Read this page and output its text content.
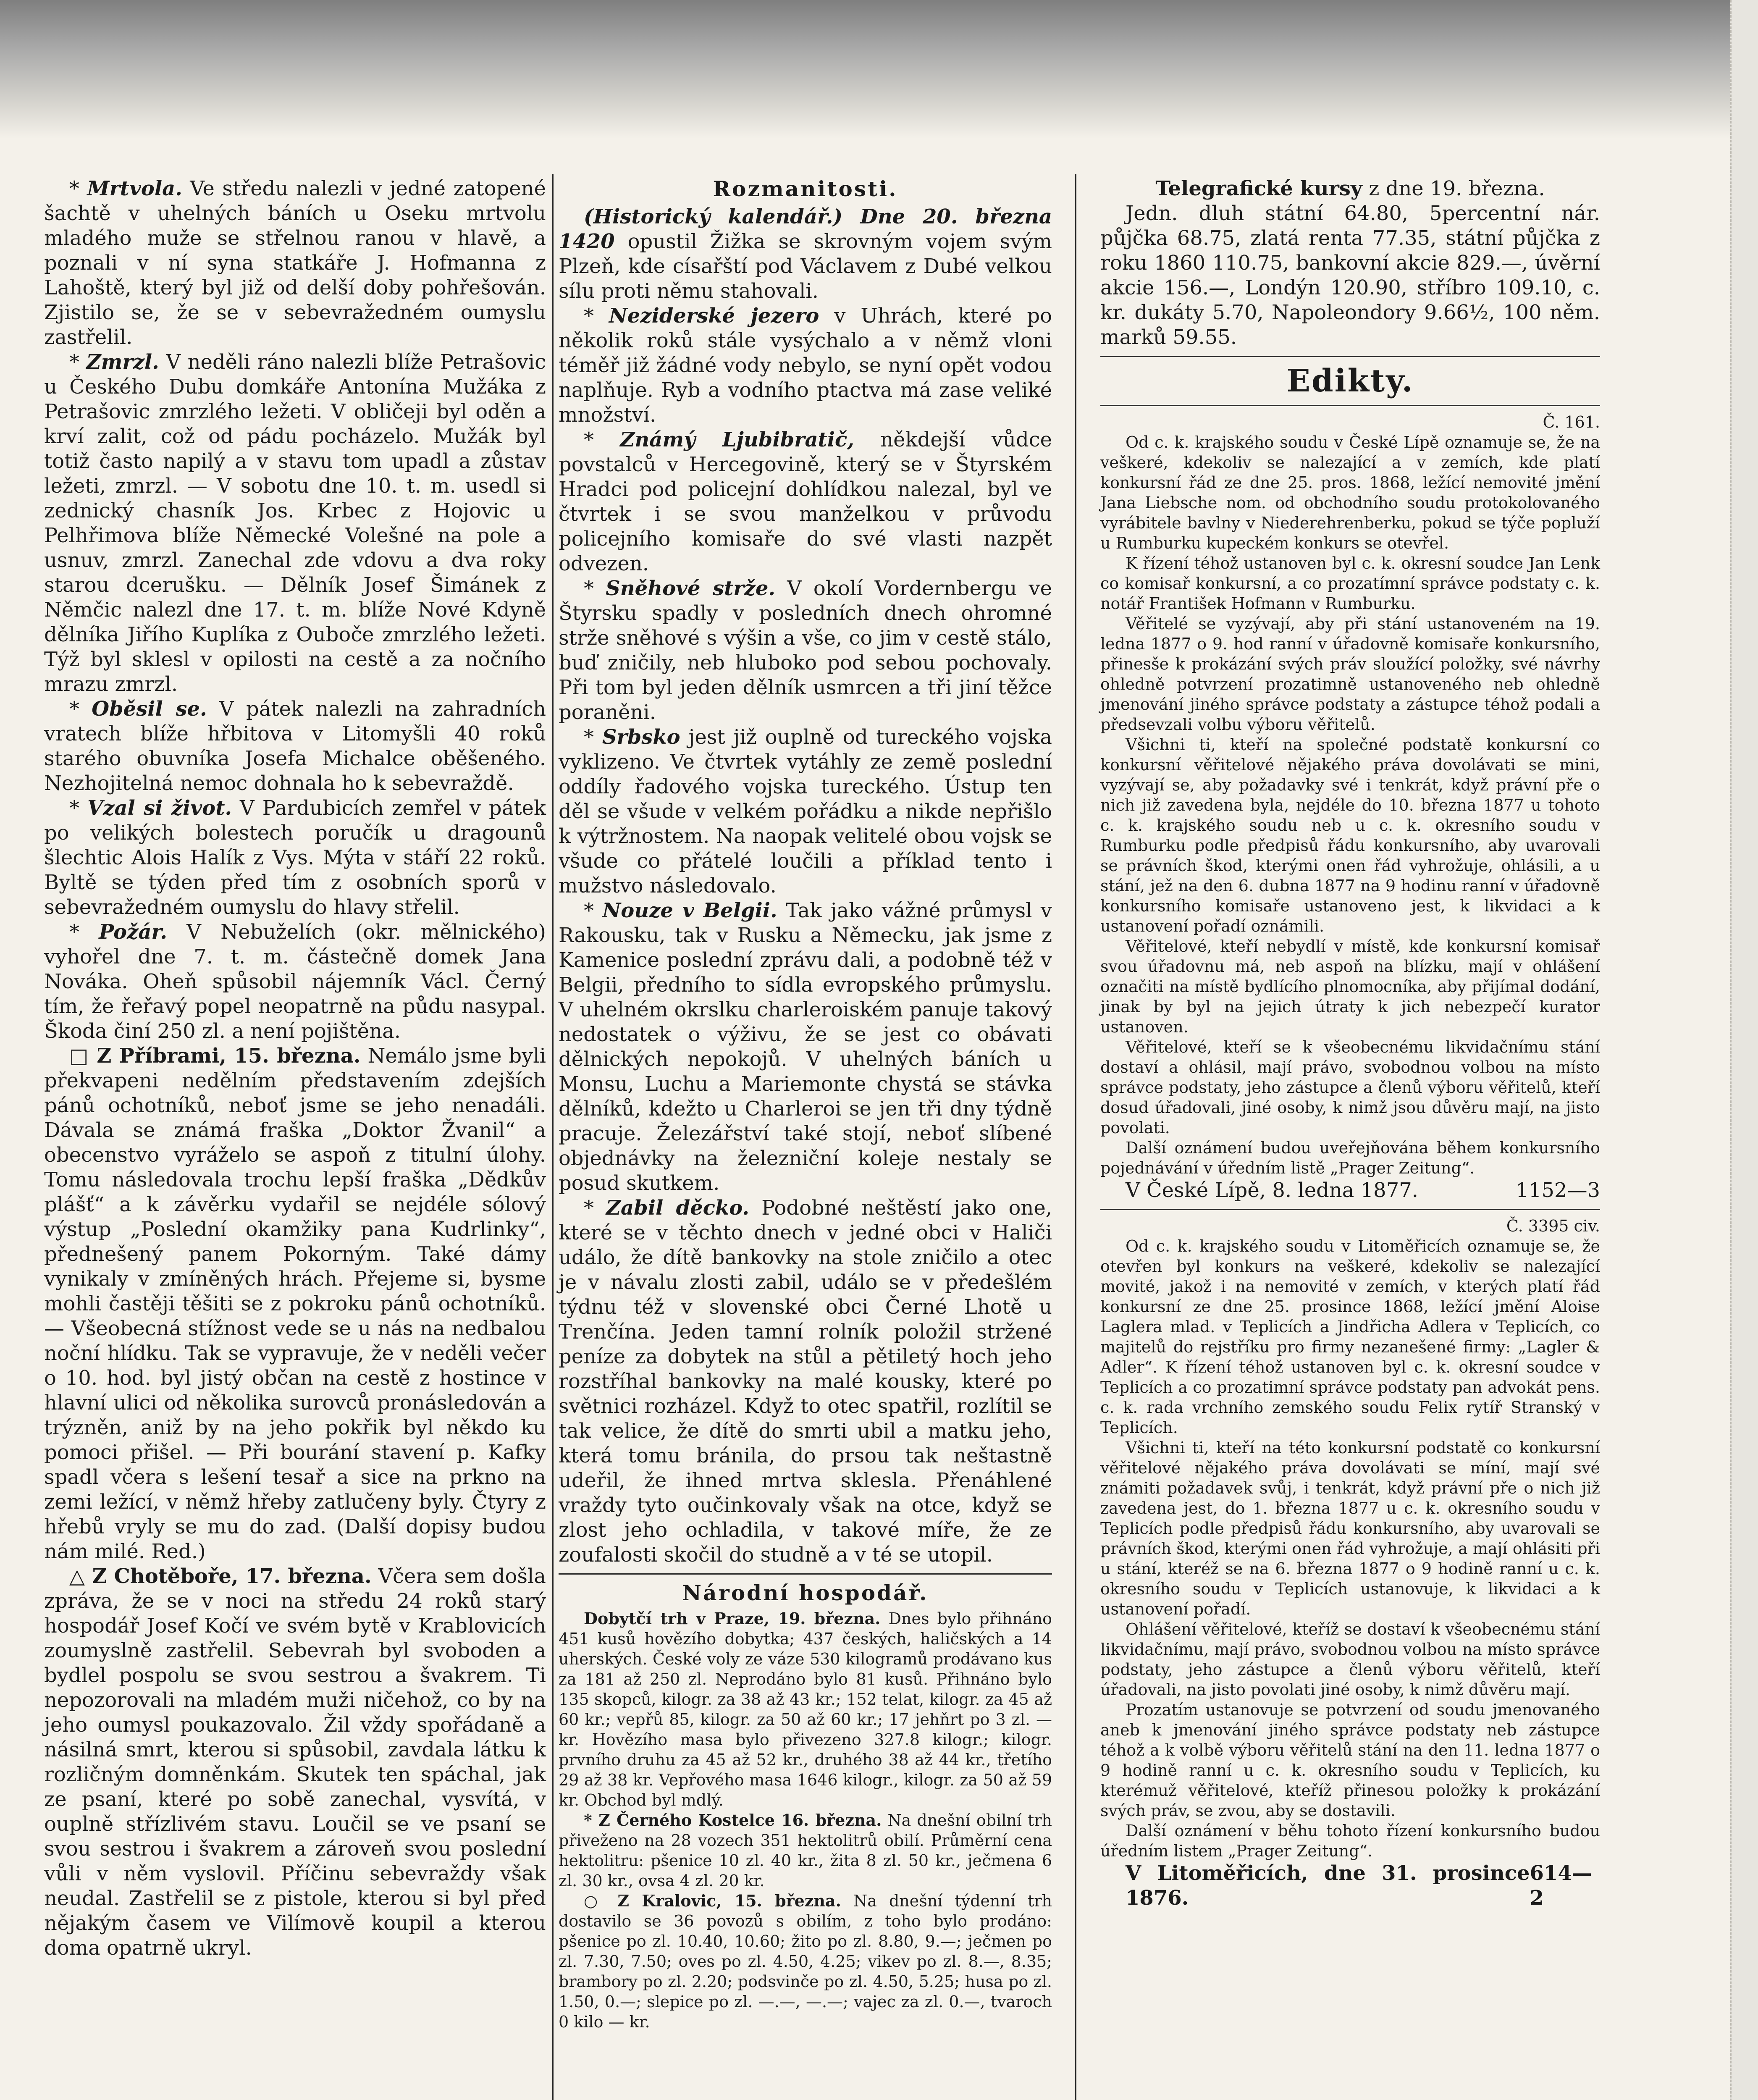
* Mrtvola. Ve středu nalezli v jedné zatopené šachtě v uhelných báních u Oseku mrtvolu mladého muže se střelnou ranou v hlavě, a poznali v ní syna statkáře J. Hofmanna z Lahoště, který byl již od delší doby pohřešován. Zjistilo se, že se v sebevražedném oumyslu zastřelil.

* Zmrzl. V neděli ráno nalezli blíže Petrašovic u Českého Dubu domkáře Antonína Mužáka z Petrašovic zmrzlého ležeti. V obličeji byl oděn a krví zalit, což od pádu pocházelo. Mužák byl totiž často napilý a v stavu tom upadl a zůstav ležeti, zmrzl. — V sobotu dne 10. t. m. usedl si zednický chasník Jos. Krbec z Hojovic u Pelhřimova blíže Německé Volešné na pole a usnuv, zmrzl. Zanechal zde vdovu a dva roky starou dcerušku. — Dělník Josef Šimánek z Němčic nalezl dne 17. t. m. blíže Nové Kdyně dělníka Jiřího Kuplíka z Ouboče zmrzlého ležeti. Týž byl sklesl v opilosti na cestě a za nočního mrazu zmrzl.

* Oběsil se. V pátek nalezli na zahradních vratech blíže hřbitova v Litomyšli 40 roků starého obuvníka Josefa Michalce oběšeného. Nezhojitelná nemoc dohnala ho k sebevraždě.

* Vzal si život. V Pardubicích zemřel v pátek po velikých bolestech poručík u dragounů šlechtic Alois Halík z Vys. Mýta v stáří 22 roků. Byltě se týden před tím z osobních sporů v sebevražedném oumyslu do hlavy střelil.

* Požár. V Nebuželích (okr. mělnického) vyhořel dne 7. t. m. částečně domek Jana Nováka. Oheň spůsobil nájemník Václ. Černý tím, že řeřavý popel neopatrně na půdu nasypal. Škoda činí 250 zl. a není pojištěna.

□ Z Příbrami, 15. března. Nemálo jsme byli překvapeni nedělním představením zdejších pánů ochotníků, neboť jsme se jeho nenadáli. Dávala se známá fraška „Doktor Žvanil“ a obecenstvo vyráželo se aspoň z titulní úlohy. Tomu následovala trochu lepší fraška „Dědkův plášť“ a k závěrku vydařil se nejdéle sólový výstup „Poslední okamžiky pana Kudrlinky“, přednešený panem Pokorným. Také dámy vynikaly v zmíněných hrách. Přejeme si, bysme mohli častěji těšiti se z pokroku pánů ochotníků. — Všeobecná stížnost vede se u nás na nedbalou noční hlídku. Tak se vypravuje, že v neděli večer o 10. hod. byl jistý občan na cestě z hostince v hlavní ulici od několika surovců pronásledován a trýzněn, aniž by na jeho pokřik byl někdo ku pomoci přišel. — Při bourání stavení p. Kafky spadl včera s lešení tesař a sice na prkno na zemi ležící, v němž hřeby zatlučeny byly. Čtyry z hřebů vryly se mu do zad. (Další dopisy budou nám milé. Red.)

△ Z Chotěboře, 17. března. Včera sem došla zpráva, že se v noci na středu 24 roků starý hospodář Josef Kočí ve svém bytě v Krablovicích zoumyslně zastřelil. Sebevrah byl svoboden a bydlel pospolu se svou sestrou a švakrem. Ti nepozorovali na mladém muži ničehož, co by na jeho oumysl poukazovalo. Žil vždy spořádaně a násilná smrt, kterou si spůsobil, zavdala látku k rozličným domněnkám. Skutek ten spáchal, jak ze psaní, které po sobě zanechal, vysvítá, v ouplně střízlivém stavu. Loučil se ve psaní se svou sestrou i švakrem a zároveň svou poslední vůli v něm vyslovil. Příčinu sebevraždy však neudal. Zastřelil se z pistole, kterou si byl před nějakým časem ve Vilímově koupil a kterou doma opatrně ukryl.

Rozmanitosti.

(Historický kalendář.) Dne 20. března 1420 opustil Žižka se skrovným vojem svým Plzeň, kde císařští pod Václavem z Dubé velkou sílu proti němu stahovali.

* Neziderské jezero v Uhrách, které po několik roků stále vysýchalo a v němž vloni téměř již žádné vody nebylo, se nyní opět vodou naplňuje. Ryb a vodního ptactva má zase veliké množství.

* Známý Ljubibratič, někdejší vůdce povstalců v Hercegovině, který se v Štyrském Hradci pod policejní dohlídkou nalezal, byl ve čtvrtek i se svou manželkou v průvodu policejního komisaře do své vlasti nazpět odvezen.

* Sněhové strže. V okolí Vordernbergu ve Štyrsku spadly v posledních dnech ohromné strže sněhové s výšin a vše, co jim v cestě stálo, buď zničily, neb hluboko pod sebou pochovaly. Při tom byl jeden dělník usmrcen a tři jiní těžce poraněni.

* Srbsko jest již ouplně od tureckého vojska vyklizeno. Ve čtvrtek vytáhly ze země poslední oddíly řadového vojska tureckého. Ústup ten děl se všude v velkém pořádku a nikde nepřišlo k výtržnostem. Na naopak velitelé obou vojsk se všude co přátelé loučili a příklad tento i mužstvo následovalo.

* Nouze v Belgii. Tak jako vážné průmysl v Rakousku, tak v Rusku a Německu, jak jsme z Kamenice poslední zprávu dali, a podobně též v Belgii, předního to sídla evropského průmyslu. V uhelném okrslku charleroiském panuje takový nedostatek o výživu, že se jest co obávati dělnických nepokojů. V uhelných báních u Monsu, Luchu a Mariemonte chystá se stávka dělníků, kdežto u Charleroi se jen tři dny týdně pracuje. Železářství také stojí, neboť slíbené objednávky na železniční koleje nestaly se posud skutkem.

* Zabil děcko. Podobné neštěstí jako one, které se v těchto dnech v jedné obci v Haliči událo, že dítě bankovky na stole zničilo a otec je v návalu zlosti zabil, událo se v předešlém týdnu též v slovenské obci Černé Lhotě u Trenčína. Jeden tamní rolník položil stržené peníze za dobytek na stůl a pětiletý hoch jeho rozstříhal bankovky na malé kousky, které po světnici rozházel. Když to otec spatřil, rozlítil se tak velice, že dítě do smrti ubil a matku jeho, která tomu bránila, do prsou tak neštastně udeřil, že ihned mrtva sklesla. Přenáhlené vraždy tyto oučinkovaly však na otce, když se zlost jeho ochladila, v takové míře, že ze zoufalosti skočil do studně a v té se utopil.

Národní hospodář.

Dobytčí trh v Praze, 19. března. Dnes bylo přihnáno 451 kusů hovězího dobytka; 437 českých, haličských a 14 uherských. České voly ze váze 530 kilogramů prodávano kus za 181 až 250 zl. Neprodáno bylo 81 kusů. Přihnáno bylo 135 skopců, kilogr. za 38 až 43 kr.; 152 telat, kilogr. za 45 až 60 kr.; vepřů 85, kilogr. za 50 až 60 kr.; 17 jehňrt po 3 zl. — kr. Hovězího masa bylo přivezeno 327.8 kilogr.; kilogr. prvního druhu za 45 až 52 kr., druhého 38 až 44 kr., třetího 29 až 38 kr. Vepřového masa 1646 kilogr., kilogr. za 50 až 59 kr. Obchod byl mdlý.

* Z Černého Kostelce 16. března. Na dnešní obilní trh přiveženo na 28 vozech 351 hektolitrů obilí. Průměrní cena hektolitru: pšenice 10 zl. 40 kr., žita 8 zl. 50 kr., ječmena 6 zl. 30 kr., ovsa 4 zl. 20 kr.

○ Z Kralovic, 15. března. Na dnešní týdenní trh dostavilo se 36 povozů s obilím, z toho bylo prodáno: pšenice po zl. 10.40, 10.60; žito po zl. 8.80, 9.—; ječmen po zl. 7.30, 7.50; oves po zl. 4.50, 4.25; vikev po zl. 8.—, 8.35; brambory po zl. 2.20; podsvinče po zl. 4.50, 5.25; husa po zl. 1.50, 0.—; slepice po zl. —.—, —.—; vajec za zl. 0.—, tvaroch 0 kilo — kr.

Telegrafické kursy z dne 19. března.

Jedn. dluh státní 64.80, 5percentní nár. půjčka 68.75, zlatá renta 77.35, státní půjčka z roku 1860 110.75, bankovní akcie 829.—, úvěrní akcie 156.—, Londýn 120.90, stříbro 109.10, c. kr. dukáty 5.70, Napoleondory 9.66½, 100 něm. marků 59.55.

Edikty.

Č. 161.

Od c. k. krajského soudu v České Lípě oznamuje se, že na veškeré, kdekoliv se nalezající a v zemích, kde platí konkursní řád ze dne 25. pros. 1868, ležící nemovité jmění Jana Liebsche nom. od obchodního soudu protokolovaného vyrábitele bavlny v Niederehrenberku, pokud se týče popluží u Rumburku kupeckém konkurs se otevřel.

K řízení téhož ustanoven byl c. k. okresní soudce Jan Lenk co komisař konkursní, a co prozatímní správce podstaty c. k. notář František Hofmann v Rumburku.

Věřitelé se vyzývají, aby při stání ustanoveném na 19. ledna 1877 o 9. hod ranní v úřadovně komisaře konkursního, přinesše k prokázání svých práv sloužící položky, své návrhy ohledně potvrzení prozatimně ustanoveného neb ohledně jmenování jiného správce podstaty a zástupce téhož podali a předsevzali volbu výboru věřitelů.

Všichni ti, kteří na společné podstatě konkursní co konkursní věřitelové nějakého práva dovolávati se mini, vyzývají se, aby požadavky své i tenkrát, když právní pře o nich již zavedena byla, nejdéle do 10. března 1877 u tohoto c. k. krajského soudu neb u c. k. okresního soudu v Rumburku podle předpisů řádu konkursního, aby uvarovali se právních škod, kterými onen řád vyhrožuje, ohlásili, a u stání, jež na den 6. dubna 1877 na 9 hodinu ranní v úřadovně konkursního komisaře ustanoveno jest, k likvidaci a k ustanovení pořadí oznámili.

Věřitelové, kteří nebydlí v místě, kde konkursní komisař svou úřadovnu má, neb aspoň na blízku, mají v ohlášení označiti na místě bydlícího plnomocníka, aby přijímal dodání, jinak by byl na jejich útraty k jich nebezpečí kurator ustanoven.

Věřitelové, kteří se k všeobecnému likvidačnímu stání dostaví a ohlásil, mají právo, svobodnou volbou na místo správce podstaty, jeho zástupce a členů výboru věřitelů, kteří dosud úřadovali, jiné osoby, k nimž jsou důvěru mají, na jisto povolati.

Další oznámení budou uveřejňována během konkursního pojednávání v úředním listě „Prager Zeitung“.

V České Lípě, 8. ledna 1877.	1152—3

Č. 3395 civ.

Od c. k. krajského soudu v Litoměřicích oznamuje se, že otevřen byl konkurs na veškeré, kdekoliv se nalezající movité, jakož i na nemovité v zemích, v kterých platí řád konkursní ze dne 25. prosince 1868, ležící jmění Aloise Laglera mlad. v Teplicích a Jindřicha Adlera v Teplicích, co majitelů do rejstříku pro firmy nezanešené firmy: „Lagler & Adler“. K řízení téhož ustanoven byl c. k. okresní soudce v Teplicích a co prozatimní správce podstaty pan advokát pens. c. k. rada vrchního zemského soudu Felix rytíř Stranský v Teplicích.

Všichni ti, kteří na této konkursní podstatě co konkursní věřitelové nějakého práva dovolávati se míní, mají své známiti požadavek svůj, i tenkrát, když právní pře o nich již zavedena jest, do 1. března 1877 u c. k. okresního soudu v Teplicích podle předpisů řádu konkursního, aby uvarovali se právních škod, kterými onen řád vyhrožuje, a mají ohlásiti při u stání, kteréž se na 6. března 1877 o 9 hodině ranní u c. k. okresního soudu v Teplicích ustanovuje, k likvidaci a k ustanovení pořadí.

Ohlášení věřitelové, kteříž se dostaví k všeobecnému stání likvidačnímu, mají právo, svobodnou volbou na místo správce podstaty, jeho zástupce a členů výboru věřitelů, kteří úřadovali, na jisto povolati jiné osoby, k nimž důvěru mají.

Prozatím ustanovuje se potvrzení od soudu jmenovaného aneb k jmenování jiného správce podstaty neb zástupce téhož a k volbě výboru věřitelů stání na den 11. ledna 1877 o 9 hodině ranní u c. k. okresního soudu v Teplicích, ku kterémuž věřitelové, kteříž přinesou položky k prokázání svých práv, se zvou, aby se dostavili.

Další oznámení v běhu tohoto řízení konkursního budou úředním listem „Prager Zeitung“.

V Litoměřicích, dne 31. prosince 1876.
614—2
